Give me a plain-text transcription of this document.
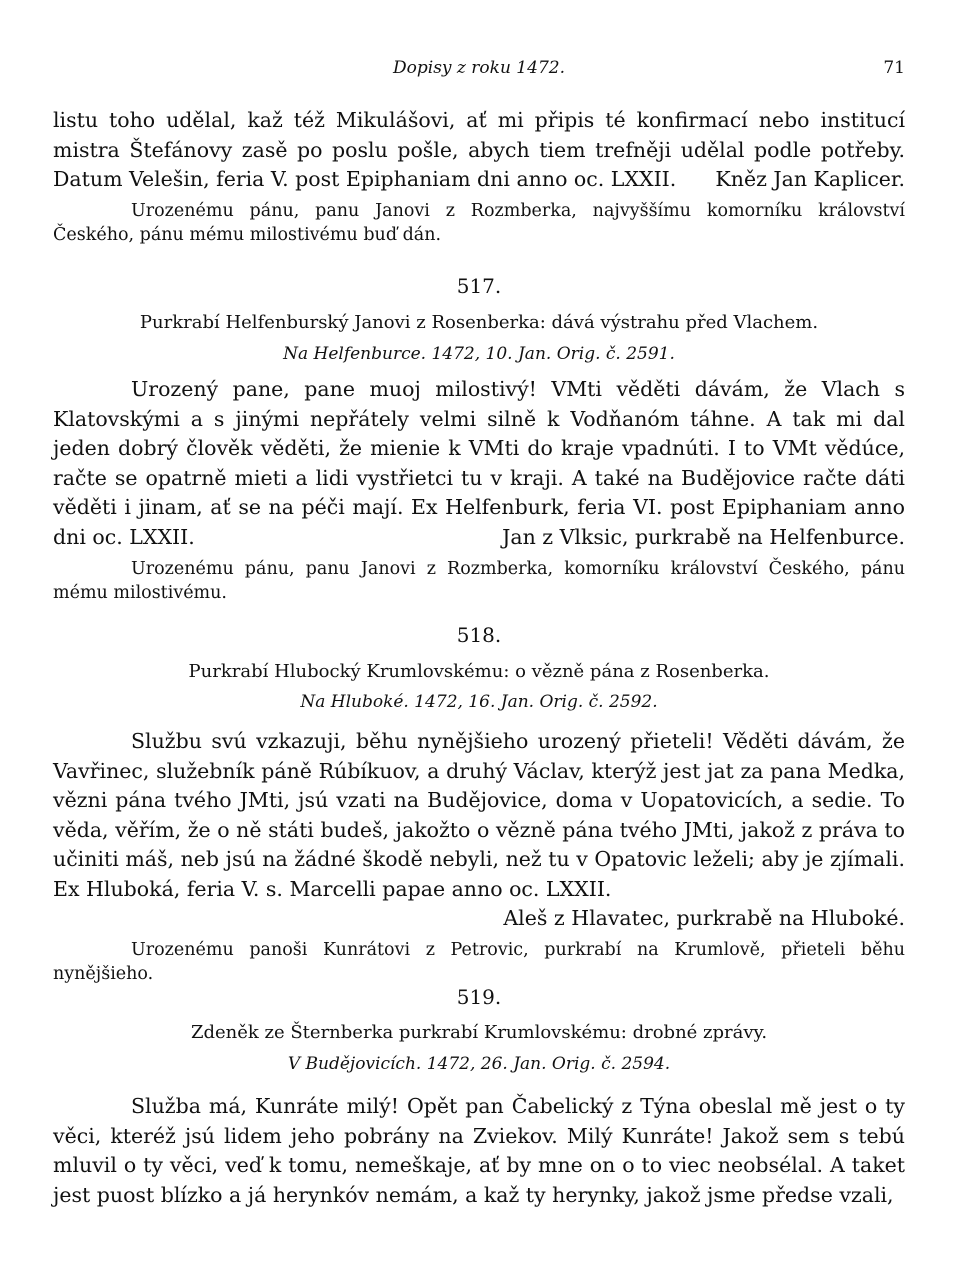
Dopisy z roku 1472.	71

listu toho udělal, kaž též Mikulášovi, ať mi připis té konfirmací nebo institucí mistra Štefánovy zasě po poslu pošle, abych tiem trefněji udělal podle potřeby. Datum Velešin, feria V. post Epiphaniam dni anno oc. LXXII.	Kněz Jan Kaplicer.

Urozenému pánu, panu Janovi z Rozmberka, najvyššímu komorníku království Českého, pánu mému milostivému buď dán.

517.

Purkrabí Helfenburský Janovi z Rosenberka: dává výstrahu před Vlachem.

Na Helfenburce. 1472, 10. Jan. Orig. č. 2591.

Urozený pane, pane muoj milostivý! VMti věděti dávám, že Vlach s Klatovskými a s jinými nepřátely velmi silně k Vodňanóm táhne. A tak mi dal jeden dobrý člověk věděti, že mienie k VMti do kraje vpadnúti. I to VMt vědúce, račte se opatrně mieti a lidi vystřietci tu v kraji. A také na Budějovice račte dáti věděti i jinam, ať se na péči mají. Ex Helfenburk, feria VI. post Epiphaniam anno dni oc. LXXII.	Jan z Vlksic, purkrabě na Helfenburce.

Urozenému pánu, panu Janovi z Rozmberka, komorníku království Českého, pánu mému milostivému.

518.

Purkrabí Hlubocký Krumlovskému: o vězně pána z Rosenberka.

Na Hluboké. 1472, 16. Jan. Orig. č. 2592.

Službu svú vzkazuji, běhu nynějšieho urozený přieteli! Věděti dávám, že Vavřinec, služebník páně Rúbíkuov, a druhý Václav, kterýž jest jat za pana Medka, vězni pána tvého JMti, jsú vzati na Budějovice, doma v Uopatovicích, a sedie. To věda, věřím, že o ně státi budeš, jakožto o vězně pána tvého JMti, jakož z práva to učiniti máš, neb jsú na žádné škodě nebyli, než tu v Opatovic leželi; aby je zjímali. Ex Hluboká, feria V. s. Marcelli papae anno oc. LXXII.

Aleš z Hlavatec, purkrabě na Hluboké.

Urozenému panoši Kunrátovi z Petrovic, purkrabí na Krumlově, přieteli běhu nynějšieho.

519.

Zdeněk ze Šternberka purkrabí Krumlovskému: drobné zprávy.

V Budějovicích. 1472, 26. Jan. Orig. č. 2594.

Služba má, Kunráte milý! Opět pan Čabelický z Týna obeslal mě jest o ty věci, kteréž jsú lidem jeho pobrány na Zviekov. Milý Kunráte! Jakož sem s tebú mluvil o ty věci, veď k tomu, nemeškaje, ať by mne on o to viec neobsélal. A taket jest puost blízko a já herynkóv nemám, a kaž ty herynky, jakož jsme předse vzali,
